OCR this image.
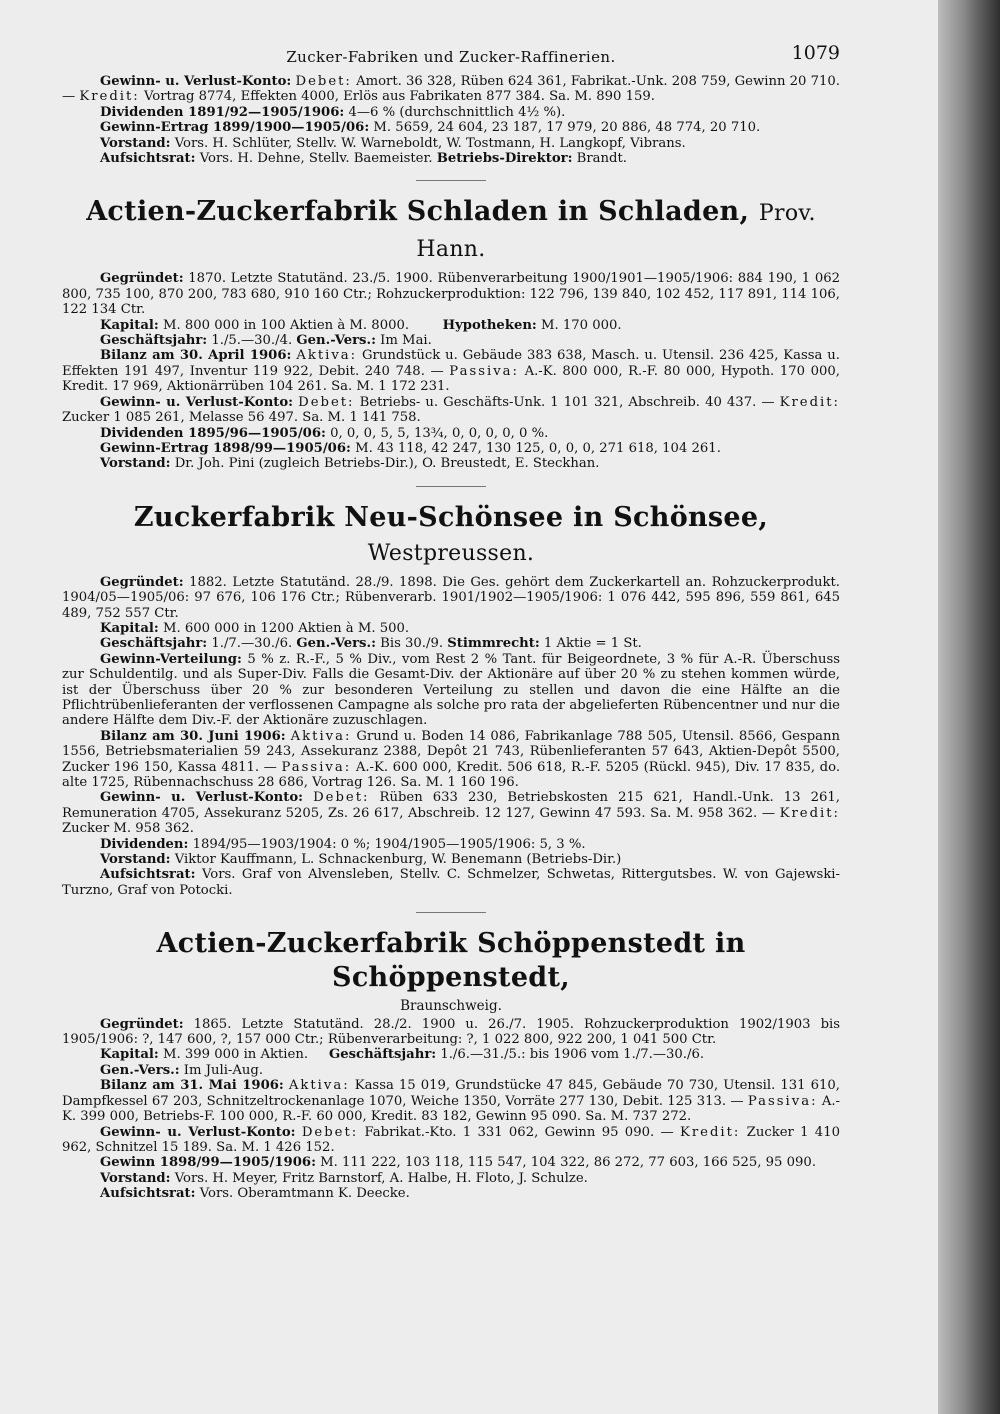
Zucker-Fabriken und Zucker-Raffinerien.	1079

Gewinn- u. Verlust-Konto: Debet: Amort. 36 328, Rüben 624 361, Fabrikat.-Unk. 208 759, Gewinn 20 710. — Kredit: Vortrag 8774, Effekten 4000, Erlös aus Fabrikaten 877 384. Sa. M. 890 159.

Dividenden 1891/92—1905/1906: 4—6 % (durchschnittlich 4½ %).

Gewinn-Ertrag 1899/1900—1905/06: M. 5659, 24 604, 23 187, 17 979, 20 886, 48 774, 20 710.

Vorstand: Vors. H. Schlüter, Stellv. W. Warneboldt, W. Tostmann, H. Langkopf, Vibrans.

Aufsichtsrat: Vors. H. Dehne, Stellv. Baemeister. Betriebs-Direktor: Brandt.

Actien-Zuckerfabrik Schladen in Schladen, Prov. Hann.

Gegründet: 1870. Letzte Statutänd. 23./5. 1900. Rübenverarbeitung 1900/1901—1905/1906: 884 190, 1 062 800, 735 100, 870 200, 783 680, 910 160 Ctr.; Rohzuckerproduktion: 122 796, 139 840, 102 452, 117 891, 114 106, 122 134 Ctr.

Kapital: M. 800 000 in 100 Aktien à M. 8000.	Hypotheken: M. 170 000.

Geschäftsjahr: 1./5.—30./4. Gen.-Vers.: Im Mai.

Bilanz am 30. April 1906: Aktiva: Grundstück u. Gebäude 383 638, Masch. u. Utensil. 236 425, Kassa u. Effekten 191 497, Inventur 119 922, Debit. 240 748. — Passiva: A.-K. 800 000, R.-F. 80 000, Hypoth. 170 000, Kredit. 17 969, Aktionärrüben 104 261. Sa. M. 1 172 231.

Gewinn- u. Verlust-Konto: Debet: Betriebs- u. Geschäfts-Unk. 1 101 321, Abschreib. 40 437. — Kredit: Zucker 1 085 261, Melasse 56 497. Sa. M. 1 141 758.

Dividenden 1895/96—1905/06: 0, 0, 0, 5, 5, 13¾, 0, 0, 0, 0, 0 %.

Gewinn-Ertrag 1898/99—1905/06: M. 43 118, 42 247, 130 125, 0, 0, 0, 271 618, 104 261.

Vorstand: Dr. Joh. Pini (zugleich Betriebs-Dir.), O. Breustedt, E. Steckhan.

Zuckerfabrik Neu-Schönsee in Schönsee, Westpreussen.

Gegründet: 1882. Letzte Statutänd. 28./9. 1898. Die Ges. gehört dem Zuckerkartell an. Rohzuckerprodukt. 1904/05—1905/06: 97 676, 106 176 Ctr.; Rübenverarb. 1901/1902—1905/1906: 1 076 442, 595 896, 559 861, 645 489, 752 557 Ctr.

Kapital: M. 600 000 in 1200 Aktien à M. 500.

Geschäftsjahr: 1./7.—30./6. Gen.-Vers.: Bis 30./9. Stimmrecht: 1 Aktie = 1 St.

Gewinn-Verteilung: 5 % z. R.-F., 5 % Div., vom Rest 2 % Tant. für Beigeordnete, 3 % für A.-R. Überschuss zur Schuldentilg. und als Super-Div. Falls die Gesamt-Div. der Aktionäre auf über 20 % zu stehen kommen würde, ist der Überschuss über 20 % zur besonderen Verteilung zu stellen und davon die eine Hälfte an die Pflichtrübenlieferanten der verflossenen Campagne als solche pro rata der abgelieferten Rübencentner und nur die andere Hälfte dem Div.-F. der Aktionäre zuzuschlagen.

Bilanz am 30. Juni 1906: Aktiva: Grund u. Boden 14 086, Fabrikanlage 788 505, Utensil. 8566, Gespann 1556, Betriebsmaterialien 59 243, Assekuranz 2388, Depôt 21 743, Rübenlieferanten 57 643, Aktien-Depôt 5500, Zucker 196 150, Kassa 4811. — Passiva: A.-K. 600 000, Kredit. 506 618, R.-F. 5205 (Rückl. 945), Div. 17 835, do. alte 1725, Rübennachschuss 28 686, Vortrag 126. Sa. M. 1 160 196.

Gewinn- u. Verlust-Konto: Debet: Rüben 633 230, Betriebskosten 215 621, Handl.-Unk. 13 261, Remuneration 4705, Assekuranz 5205, Zs. 26 617, Abschreib. 12 127, Gewinn 47 593. Sa. M. 958 362. — Kredit: Zucker M. 958 362.

Dividenden: 1894/95—1903/1904: 0 %; 1904/1905—1905/1906: 5, 3 %.

Vorstand: Viktor Kauffmann, L. Schnackenburg, W. Benemann (Betriebs-Dir.)

Aufsichtsrat: Vors. Graf von Alvensleben, Stellv. C. Schmelzer, Schwetas, Rittergutsbes. W. von Gajewski-Turzno, Graf von Potocki.

Actien-Zuckerfabrik Schöppenstedt in Schöppenstedt,
Braunschweig.

Gegründet: 1865. Letzte Statutänd. 28./2. 1900 u. 26./7. 1905. Rohzuckerproduktion 1902/1903 bis 1905/1906: ?, 147 600, ?, 157 000 Ctr.; Rübenverarbeitung: ?, 1 022 800, 922 200, 1 041 500 Ctr.

Kapital: M. 399 000 in Aktien. Geschäftsjahr: 1./6.—31./5.: bis 1906 vom 1./7.—30./6.

Gen.-Vers.: Im Juli-Aug.

Bilanz am 31. Mai 1906: Aktiva: Kassa 15 019, Grundstücke 47 845, Gebäude 70 730, Utensil. 131 610, Dampfkessel 67 203, Schnitzeltrockenanlage 1070, Weiche 1350, Vorräte 277 130, Debit. 125 313. — Passiva: A.-K. 399 000, Betriebs-F. 100 000, R.-F. 60 000, Kredit. 83 182, Gewinn 95 090. Sa. M. 737 272.

Gewinn- u. Verlust-Konto: Debet: Fabrikat.-Kto. 1 331 062, Gewinn 95 090. — Kredit: Zucker 1 410 962, Schnitzel 15 189. Sa. M. 1 426 152.

Gewinn 1898/99—1905/1906: M. 111 222, 103 118, 115 547, 104 322, 86 272, 77 603, 166 525, 95 090.

Vorstand: Vors. H. Meyer, Fritz Barnstorf, A. Halbe, H. Floto, J. Schulze.

Aufsichtsrat: Vors. Oberamtmann K. Deecke.
